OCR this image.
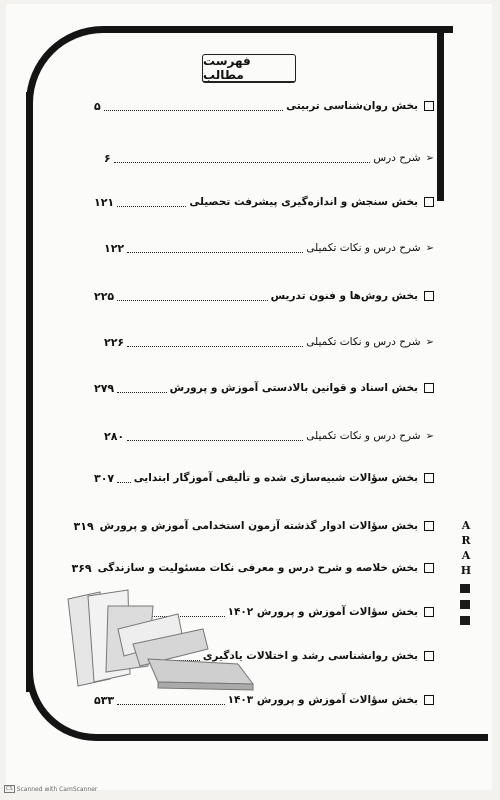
فهرست مطالب
بخش روان‌شناسی تربیتی
۵
➢
شرح درس
۶
بخش سنجش و اندازه‌گیری پیشرفت تحصیلی
۱۲۱
➢
شرح درس و نکات تکمیلی
۱۲۲
بخش روش‌ها و فنون تدریس
۲۲۵
➢
شرح درس و نکات تکمیلی
۲۲۶
بخش اسناد و قوانین بالادستی آموزش و پرورش
۲۷۹
➢
شرح درس و نکات تکمیلی
۲۸۰
بخش سؤالات شبیه‌سازی شده و تألیفی آموزگار ابتدایی
۳۰۷
بخش سؤالات ادوار گذشته آزمون استخدامی آموزش و پرورش
۳۱۹
بخش خلاصه و شرح درس و معرفی نکات مسئولیت و سازندگی
۳۶۹
بخش سؤالات آموزش و پرورش ۱۴۰۲
بخش روانشناسی رشد و اختلالات یادگیری
بخش سؤالات آموزش و پرورش ۱۴۰۳
۵۳۳
A
R
A
H
CS Scanned with CamScanner
